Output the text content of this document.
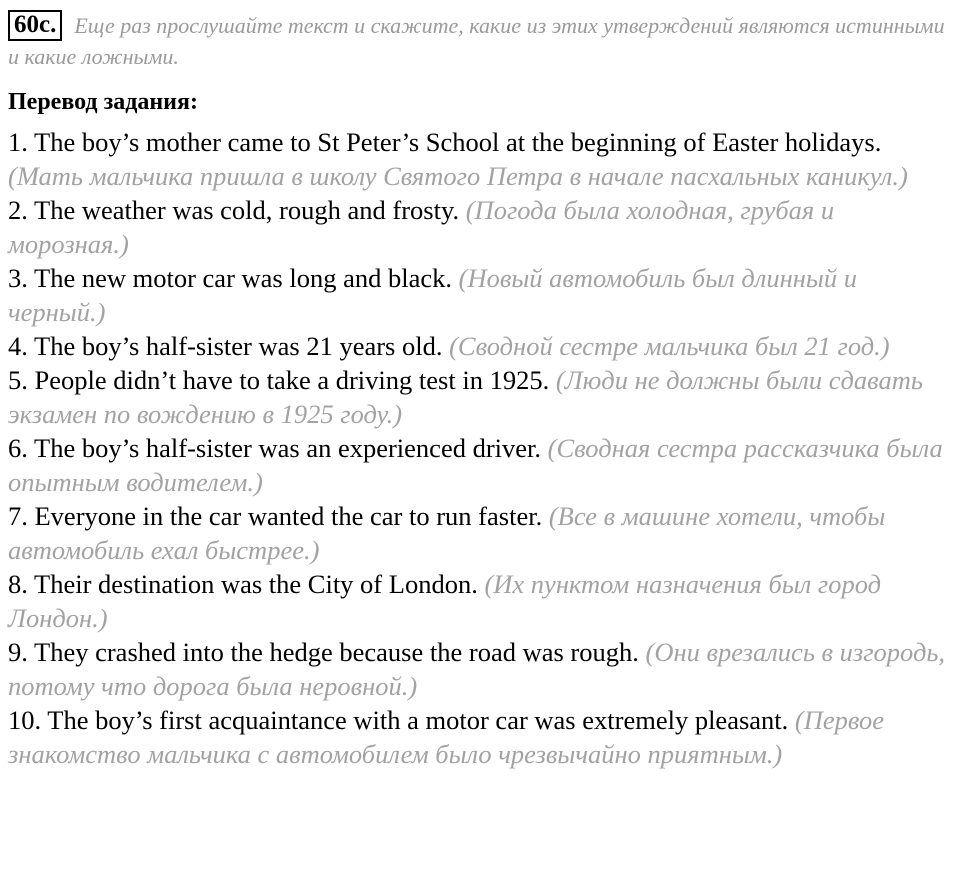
60c. Еще раз прослушайте текст и скажите, какие из этих утверждений являются истинными и какие ложными.
Перевод задания:
1. The boy’s mother came to St Peter’s School at the beginning of Easter holidays. (Мать мальчика пришла в школу Святого Петра в начале пасхальных каникул.)
2. The weather was cold, rough and frosty. (Погода была холодная, грубая и морозная.)
3. The new motor car was long and black. (Новый автомобиль был длинный и черный.)
4. The boy’s half-sister was 21 years old. (Сводной сестре мальчика был 21 год.)
5. People didn’t have to take a driving test in 1925. (Люди не должны были сдавать экзамен по вождению в 1925 году.)
6. The boy’s half-sister was an experienced driver. (Сводная сестра рассказчика была опытным водителем.)
7. Everyone in the car wanted the car to run faster. (Все в машине хотели, чтобы автомобиль ехал быстрее.)
8. Their destination was the City of London. (Их пунктом назначения был город Лондон.)
9. They crashed into the hedge because the road was rough. (Они врезались в изгородь, потому что дорога была неровной.)
10. The boy’s first acquaintance with a motor car was extremely pleasant. (Первое знакомство мальчика с автомобилем было чрезвычайно приятным.)
